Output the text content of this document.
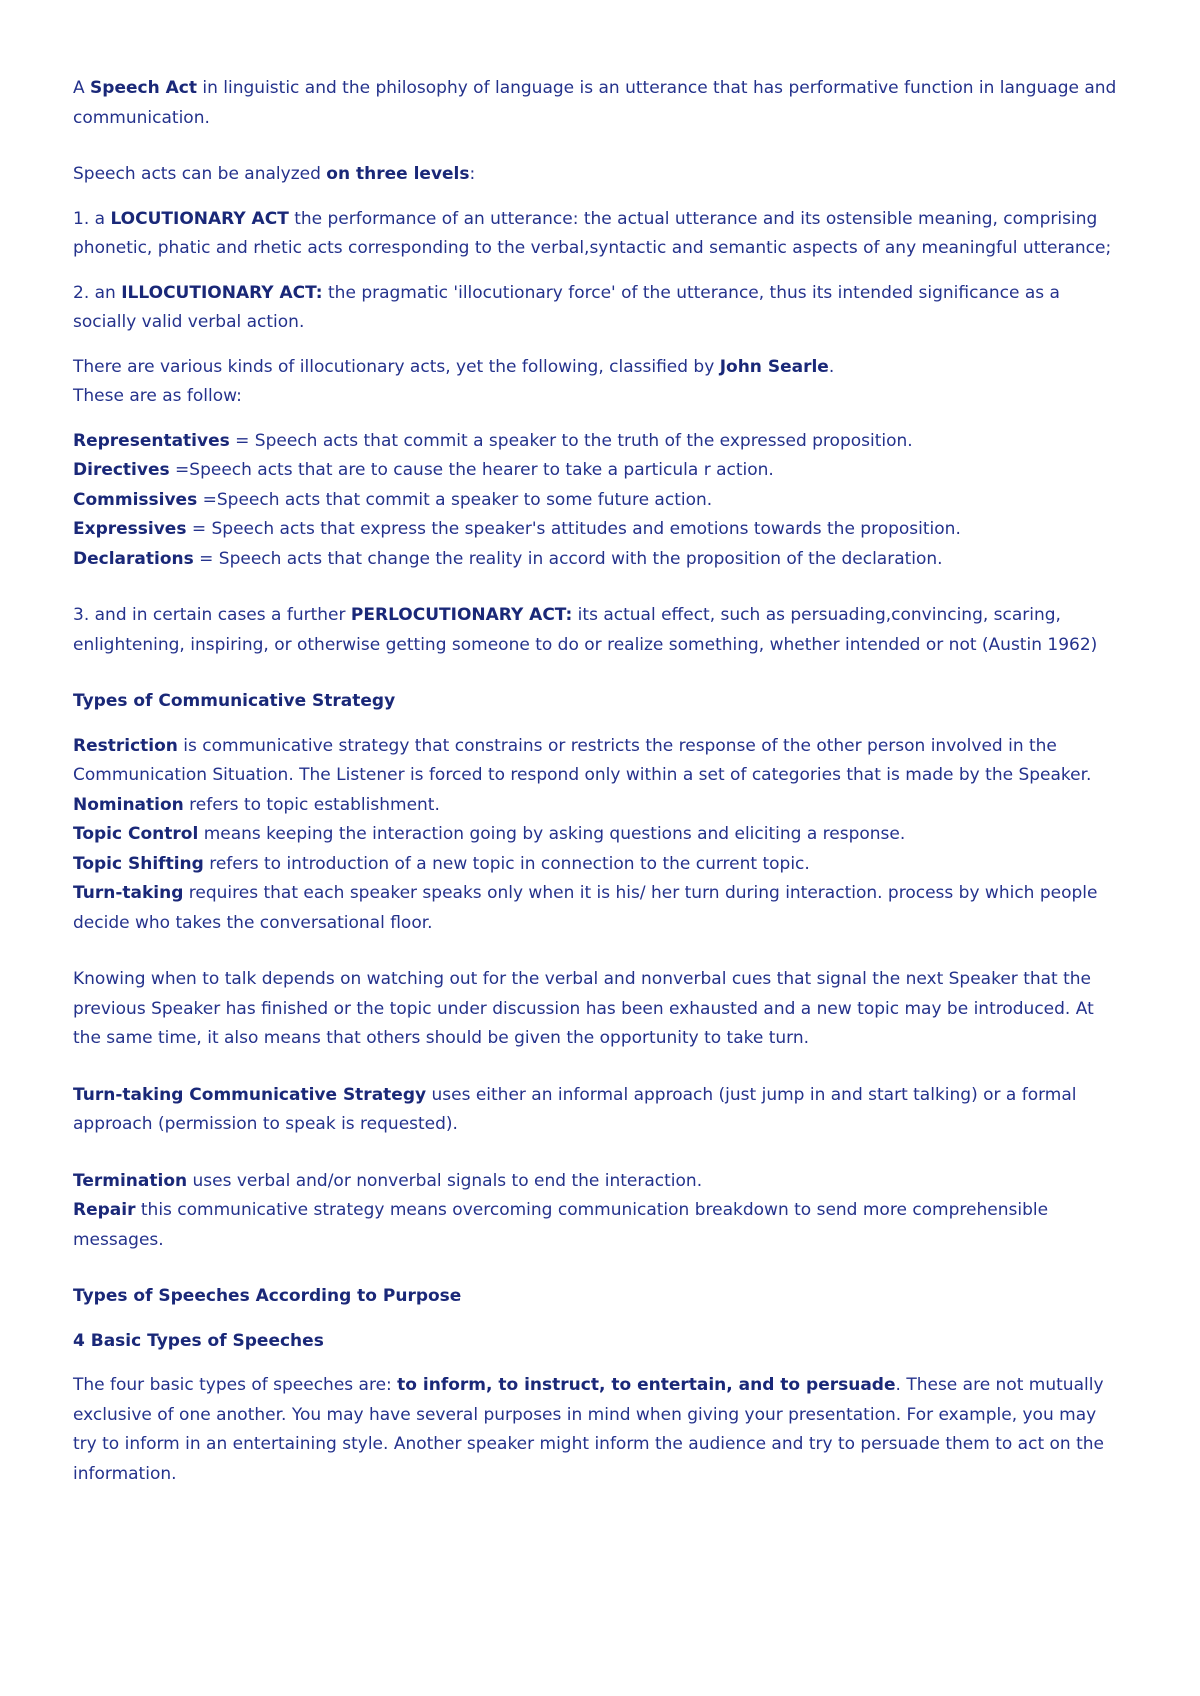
A Speech Act in linguistic and the philosophy of language is an utterance that has performative function in language and communication.

Speech acts can be analyzed on three levels:

1. a LOCUTIONARY ACT the performance of an utterance: the actual utterance and its ostensible meaning, comprising phonetic, phatic and rhetic acts corresponding to the verbal,syntactic and semantic aspects of any meaningful utterance;

2. an ILLOCUTIONARY ACT: the pragmatic 'illocutionary force' of the utterance, thus its intended significance as a socially valid verbal action.

There are various kinds of illocutionary acts, yet the following, classified by John Searle.

These are as follow:

Representatives = Speech acts that commit a speaker to the truth of the expressed proposition.

Directives =Speech acts that are to cause the hearer to take a particula r action.

Commissives =Speech acts that commit a speaker to some future action.

Expressives = Speech acts that express the speaker's attitudes and emotions towards the proposition.

Declarations = Speech acts that change the reality in accord with the proposition of the declaration.

3. and in certain cases a further PERLOCUTIONARY ACT: its actual effect, such as persuading,convincing, scaring, enlightening, inspiring, or otherwise getting someone to do or realize something, whether intended or not (Austin 1962)

Types of Communicative Strategy

Restriction is communicative strategy that constrains or restricts the response of the other person involved in the Communication Situation. The Listener is forced to respond only within a set of categories that is made by the Speaker.

Nomination refers to topic establishment.

Topic Control means keeping the interaction going by asking questions and eliciting a response.

Topic Shifting refers to introduction of a new topic in connection to the current topic.

Turn-taking requires that each speaker speaks only when it is his/ her turn during interaction. process by which people decide who takes the conversational floor.

Knowing when to talk depends on watching out for the verbal and nonverbal cues that signal the next Speaker that the previous Speaker has finished or the topic under discussion has been exhausted and a new topic may be introduced. At the same time, it also means that others should be given the opportunity to take turn.

Turn-taking Communicative Strategy uses either an informal approach (just jump in and start talking) or a formal approach (permission to speak is requested).

Termination uses verbal and/or nonverbal signals to end the interaction.

Repair this communicative strategy means overcoming communication breakdown to send more comprehensible messages.

Types of Speeches According to Purpose

4 Basic Types of Speeches

The four basic types of speeches are: to inform, to instruct, to entertain, and to persuade. These are not mutually exclusive of one another. You may have several purposes in mind when giving your presentation. For example, you may try to inform in an entertaining style. Another speaker might inform the audience and try to persuade them to act on the information.
